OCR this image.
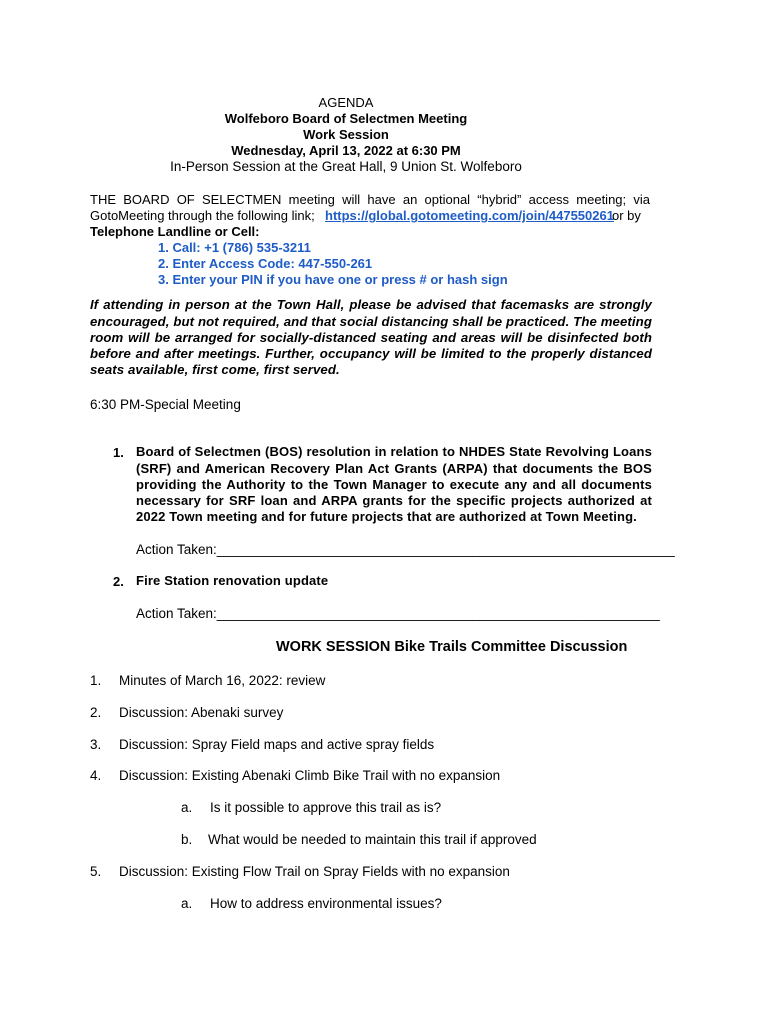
AGENDA
Wolfeboro Board of Selectmen Meeting
Work Session
Wednesday, April 13, 2022 at 6:30 PM
In-Person Session at the Great Hall, 9 Union St. Wolfeboro
THE BOARD OF SELECTMEN meeting will have an optional “hybrid” access meeting; via
GotoMeeting through the following link; https://global.gotomeeting.com/join/447550261
or by
Telephone Landline or Cell:
1. Call: +1 (786) 535-3211
2. Enter Access Code: 447-550-261
3. Enter your PIN if you have one or press # or hash sign
If attending in person at the Town Hall, please be advised that facemasks are strongly
encouraged, but not required, and that social distancing shall be practiced. The meeting
room will be arranged for socially-distanced seating and areas will be disinfected both
before and after meetings. Further, occupancy will be limited to the properly distanced
seats available, first come, first served.
6:30 PM-Special Meeting
1. Board of Selectmen (BOS) resolution in relation to NHDES State Revolving Loans
(SRF) and American Recovery Plan Act Grants (ARPA) that documents the BOS
providing the Authority to the Town Manager to execute any and all documents
necessary for SRF loan and ARPA grants for the specific projects authorized at
2022 Town meeting and for future projects that are authorized at Town Meeting.
Action Taken:_____________________________________________________________
2. Fire Station renovation update
Action Taken:___________________________________________________________
WORK SESSION Bike Trails Committee Discussion
1. Minutes of March 16, 2022: review
2. Discussion: Abenaki survey
3. Discussion: Spray Field maps and active spray fields
4. Discussion: Existing Abenaki Climb Bike Trail with no expansion
a. Is it possible to approve this trail as is?
b. What would be needed to maintain this trail if approved
5. Discussion: Existing Flow Trail on Spray Fields with no expansion
a. How to address environmental issues?
